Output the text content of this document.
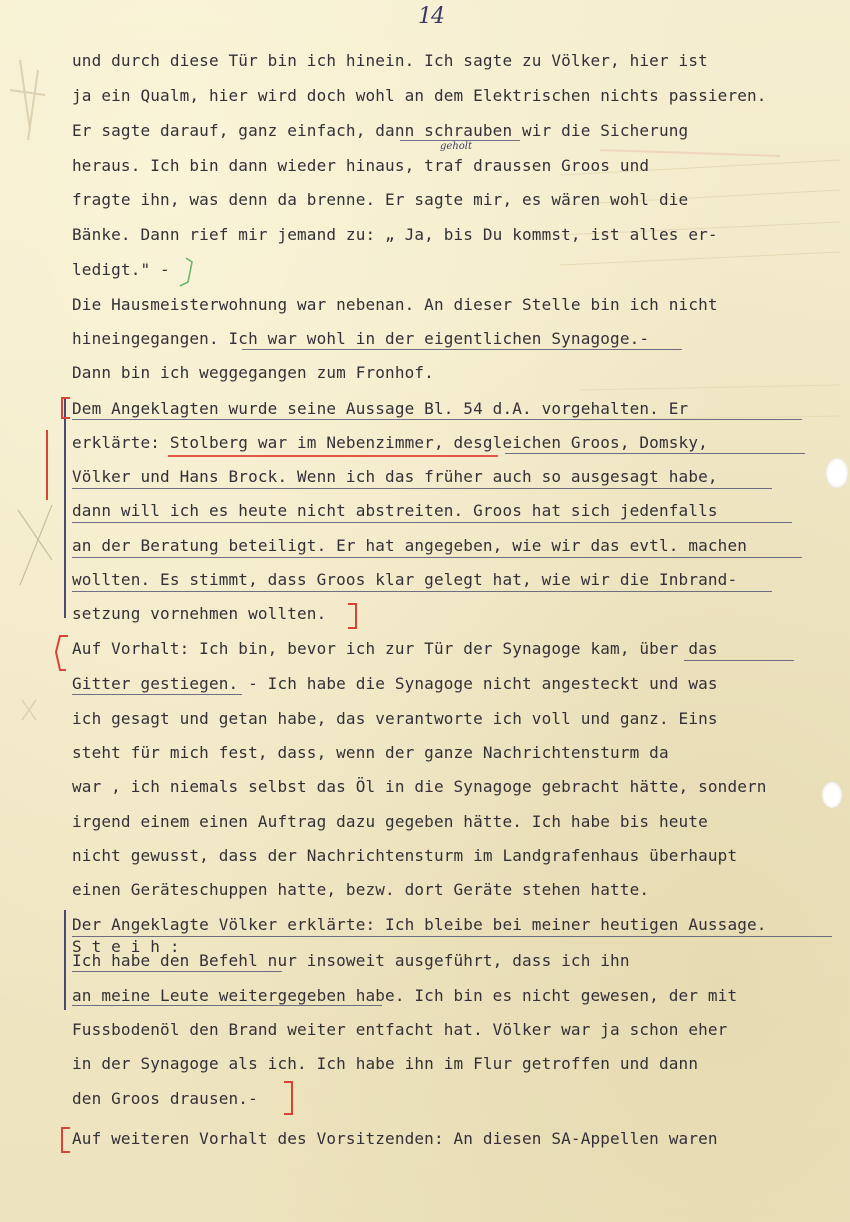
14
und durch diese Tür bin ich hinein. Ich sagte zu Völker, hier ist
ja ein Qualm, hier wird doch wohl an dem Elektrischen nichts passieren.
Er sagte darauf, ganz einfach, dann schrauben wir die Sicherung
heraus. Ich bin dann wieder hinaus, traf draussen Groos und
fragte ihn, was denn da brenne. Er sagte mir, es wären wohl die
Bänke. Dann rief mir jemand zu: „ Ja, bis Du kommst, ist alles er-
ledigt." -
Die Hausmeisterwohnung war nebenan. An dieser Stelle bin ich nicht
hineingegangen. Ich war wohl in der eigentlichen Synagoge.-
Dann bin ich weggegangen zum Fronhof.
Dem Angeklagten wurde seine Aussage Bl. 54 d.A. vorgehalten. Er
erklärte: Stolberg war im Nebenzimmer, desgleichen Groos, Domsky,
Völker und Hans Brock. Wenn ich das früher auch so ausgesagt habe,
dann will ich es heute nicht abstreiten. Groos hat sich jedenfalls
an der Beratung beteiligt. Er hat angegeben, wie wir das evtl. machen
wollten. Es stimmt, dass Groos klar gelegt hat, wie wir die Inbrand-
setzung vornehmen wollten.
Auf Vorhalt: Ich bin, bevor ich zur Tür der Synagoge kam, über das
Gitter gestiegen. - Ich habe die Synagoge nicht angesteckt und was
ich gesagt und getan habe, das verantworte ich voll und ganz. Eins
steht für mich fest, dass, wenn der ganze Nachrichtensturm da
war , ich niemals selbst das Öl in die Synagoge gebracht hätte, sondern
irgend einem einen Auftrag dazu gegeben hätte. Ich habe bis heute
nicht gewusst, dass der Nachrichtensturm im Landgrafenhaus überhaupt
einen Geräteschuppen hatte, bezw. dort Geräte stehen hatte.
Der Angeklagte Völker erklärte: Ich bleibe bei meiner heutigen Aussage.
S t e i h :
Ich habe den Befehl nur insoweit ausgeführt, dass ich ihn
an meine Leute weitergegeben habe. Ich bin es nicht gewesen, der mit
Fussbodenöl den Brand weiter entfacht hat. Völker war ja schon eher
in der Synagoge als ich. Ich habe ihn im Flur getroffen und dann
den Groos drausen.-
Auf weiteren Vorhalt des Vorsitzenden: An diesen SA-Appellen waren
geholt
